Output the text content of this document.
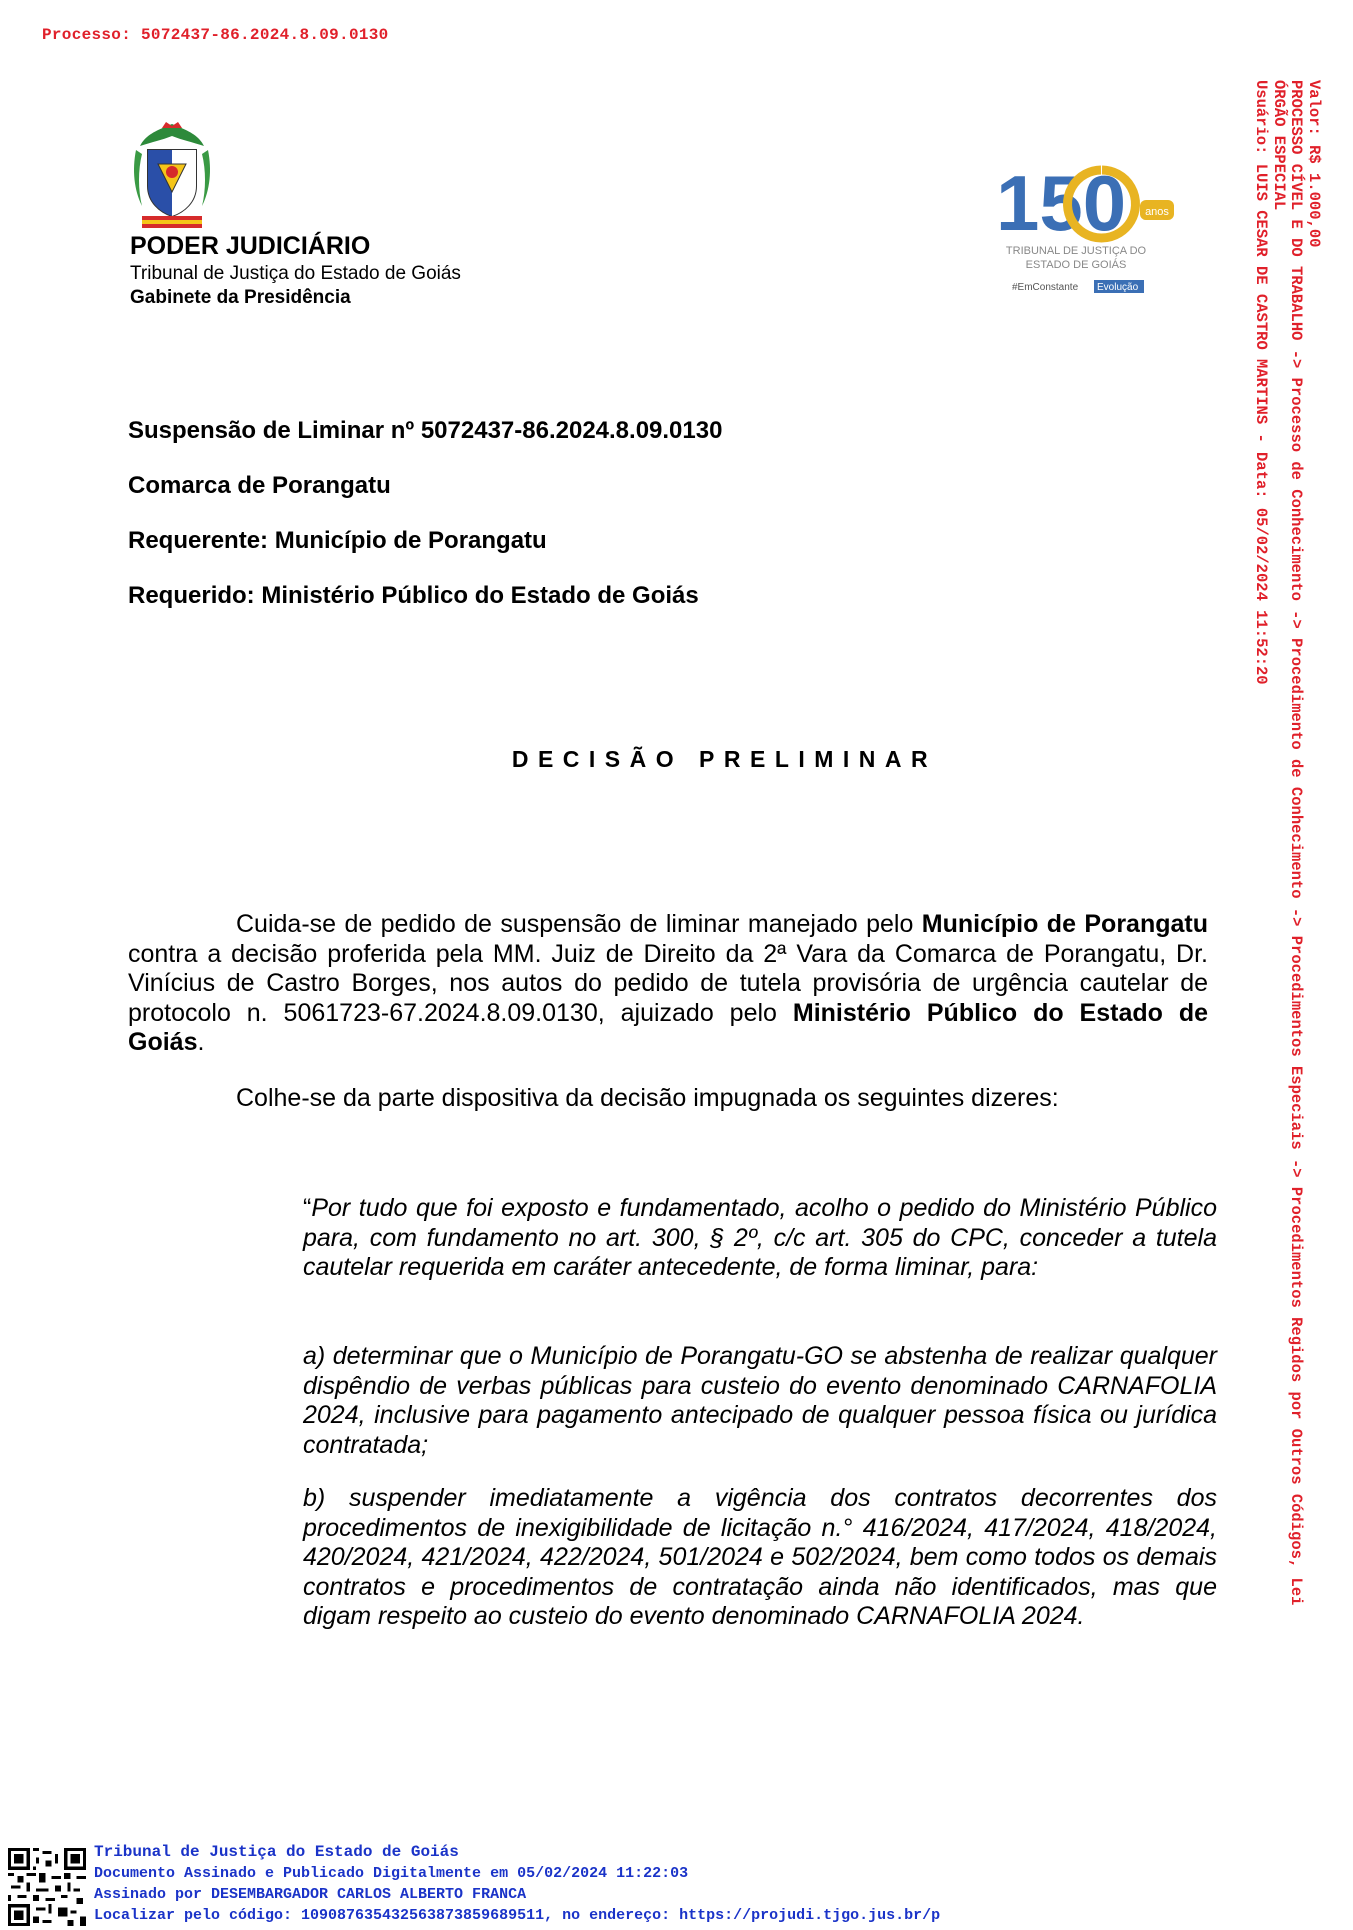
Processo: 5072437-86.2024.8.09.0130
Valor: R$ 1.000,00
PROCESSO CÍVEL E DO TRABALHO -> Processo de Conhecimento -> Procedimento de Conhecimento -> Procedimentos Especiais -> Procedimentos Regidos por Outros Códigos, Lei
ÓRGÃO ESPECIAL
Usuário: LUIS CESAR DE CASTRO MARTINS - Data: 05/02/2024 11:52:20
PODER JUDICIÁRIO
Tribunal de Justiça do Estado de Goiás
Gabinete da Presidência
150 anos
TRIBUNAL DE JUSTIÇA DO
ESTADO DE GOIÁS
#EmConstante Evolução
Suspensão de Liminar nº 5072437-86.2024.8.09.0130
Comarca de Porangatu
Requerente: Município de Porangatu
Requerido: Ministério Público do Estado de Goiás
DECISÃO PRELIMINAR
Cuida-se de pedido de suspensão de liminar manejado pelo Município de Porangatu contra a decisão proferida pela MM. Juiz de Direito da 2ª Vara da Comarca de Porangatu, Dr. Vinícius de Castro Borges, nos autos do pedido de tutela provisória de urgência cautelar de protocolo n. 5061723-67.2024.8.09.0130, ajuizado pelo Ministério Público do Estado de Goiás.
Colhe-se da parte dispositiva da decisão impugnada os seguintes dizeres:
“Por tudo que foi exposto e fundamentado, acolho o pedido do Ministério Público para, com fundamento no art. 300, § 2º, c/c art. 305 do CPC, conceder a tutela cautelar requerida em caráter antecedente, de forma liminar, para:
a) determinar que o Município de Porangatu-GO se abstenha de realizar qualquer dispêndio de verbas públicas para custeio do evento denominado CARNAFOLIA 2024, inclusive para pagamento antecipado de qualquer pessoa física ou jurídica contratada;
b) suspender imediatamente a vigência dos contratos decorrentes dos procedimentos de inexigibilidade de licitação n.° 416/2024, 417/2024, 418/2024, 420/2024, 421/2024, 422/2024, 501/2024 e 502/2024, bem como todos os demais contratos e procedimentos de contratação ainda não identificados, mas que digam respeito ao custeio do evento denominado CARNAFOLIA 2024.
Tribunal de Justiça do Estado de Goiás
Documento Assinado e Publicado Digitalmente em 05/02/2024 11:22:03
Assinado por DESEMBARGADOR CARLOS ALBERTO FRANCA
Localizar pelo código: 109087635432563873859689511, no endereço: https://projudi.tjgo.jus.br/p
